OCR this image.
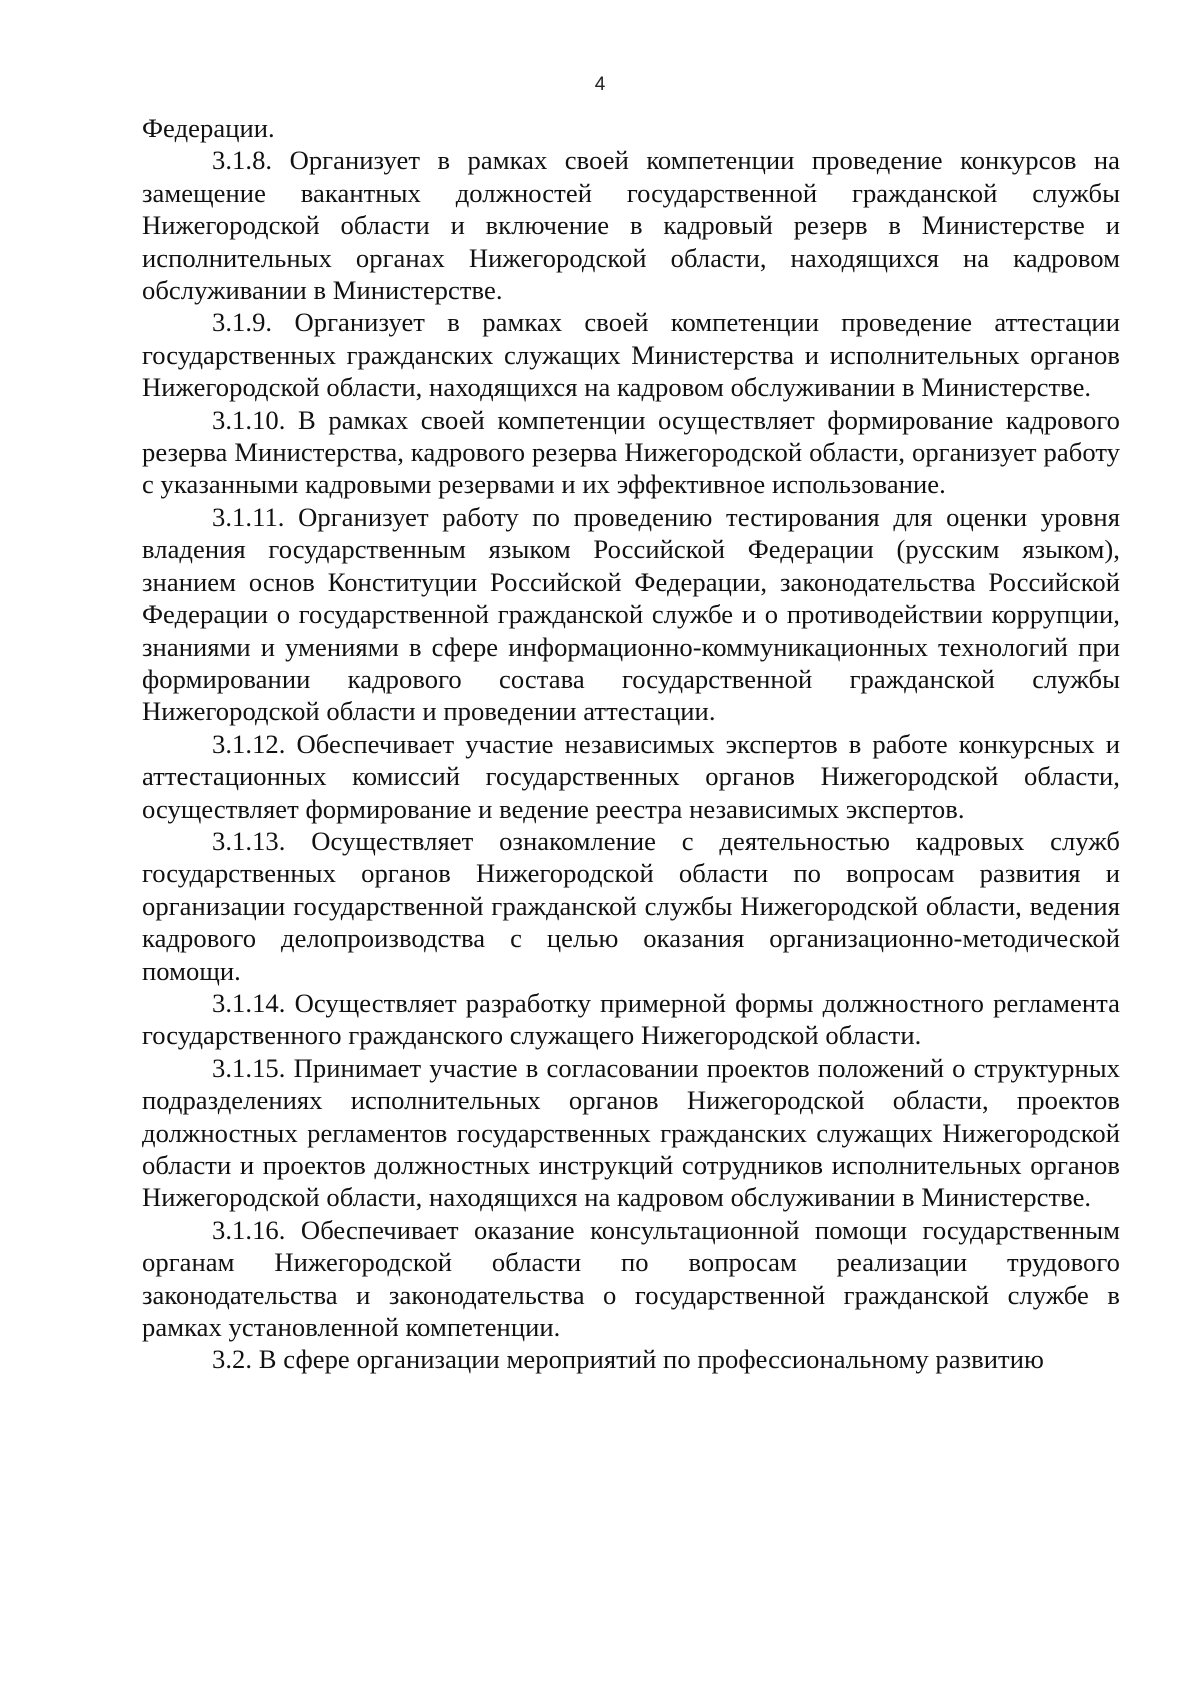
4

Федерации.

3.1.8. Организует в рамках своей компетенции проведение конкурсов на замещение вакантных должностей государственной гражданской службы Нижегородской области и включение в кадровый резерв в Министерстве и исполнительных органах Нижегородской области, находящихся на кадровом обслуживании в Министерстве.

3.1.9. Организует в рамках своей компетенции проведение аттестации государственных гражданских служащих Министерства и исполнительных органов Нижегородской области, находящихся на кадровом обслуживании в Министерстве.

3.1.10. В рамках своей компетенции осуществляет формирование кадрового резерва Министерства, кадрового резерва Нижегородской области, организует работу с указанными кадровыми резервами и их эффективное использование.

3.1.11. Организует работу по проведению тестирования для оценки уровня владения государственным языком Российской Федерации (русским языком), знанием основ Конституции Российской Федерации, законодательства Российской Федерации о государственной гражданской службе и о противодействии коррупции, знаниями и умениями в сфере информационно-коммуникационных технологий при формировании кадрового состава государственной гражданской службы Нижегородской области и проведении аттестации.

3.1.12. Обеспечивает участие независимых экспертов в работе конкурсных и аттестационных комиссий государственных органов Нижегородской области, осуществляет формирование и ведение реестра независимых экспертов.

3.1.13. Осуществляет ознакомление с деятельностью кадровых служб государственных органов Нижегородской области по вопросам развития и организации государственной гражданской службы Нижегородской области, ведения кадрового делопроизводства с целью оказания организационно-методической помощи.

3.1.14. Осуществляет разработку примерной формы должностного регламента государственного гражданского служащего Нижегородской области.

3.1.15. Принимает участие в согласовании проектов положений о структурных подразделениях исполнительных органов Нижегородской области, проектов должностных регламентов государственных гражданских служащих Нижегородской области и проектов должностных инструкций сотрудников исполнительных органов Нижегородской области, находящихся на кадровом обслуживании в Министерстве.

3.1.16. Обеспечивает оказание консультационной помощи государственным органам Нижегородской области по вопросам реализации трудового законодательства и законодательства о государственной гражданской службе в рамках установленной компетенции.

3.2. В сфере организации мероприятий по профессиональному развитию
